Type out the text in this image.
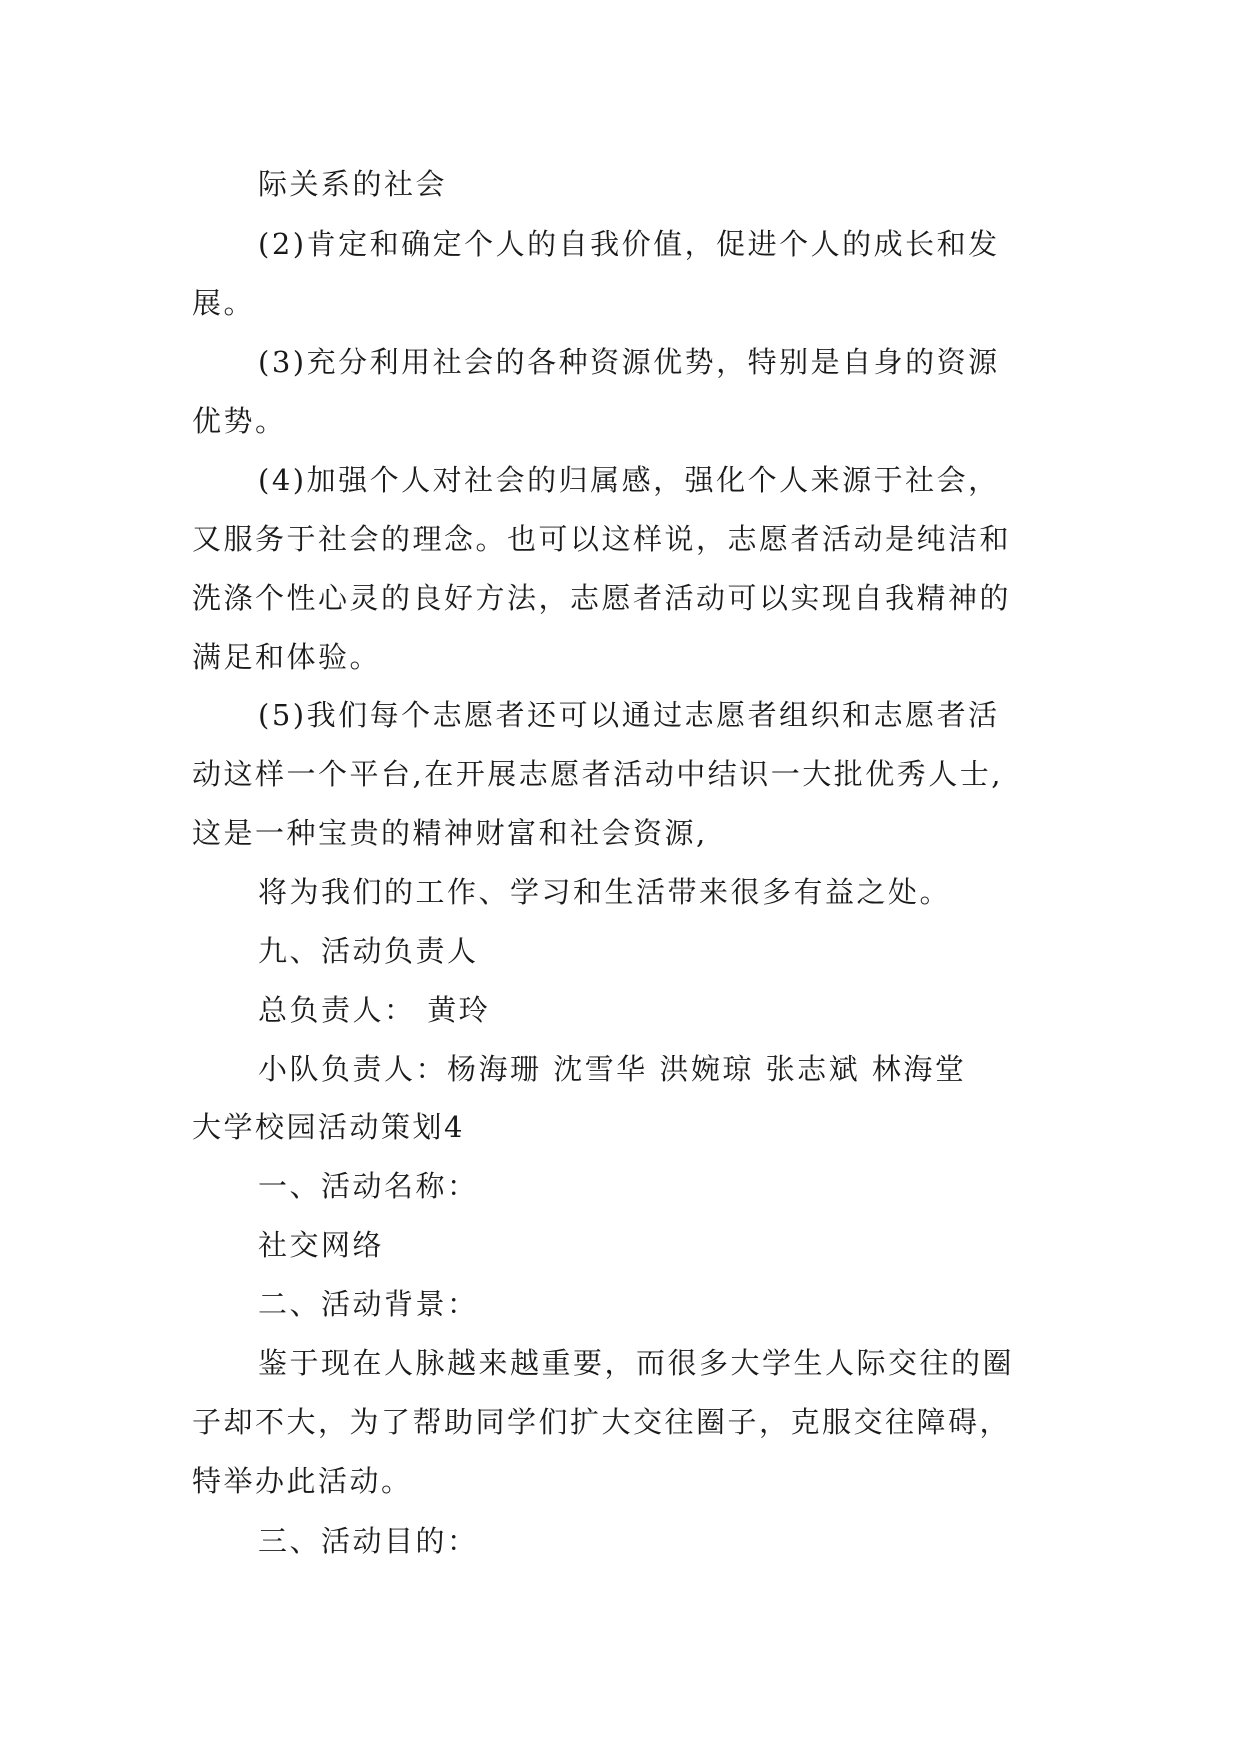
际关系的社会

(2)肯定和确定个人的自我价值，促进个人的成长和发

展。

(3)充分利用社会的各种资源优势，特别是自身的资源

优势。

(4)加强个人对社会的归属感，强化个人来源于社会，

又服务于社会的理念。也可以这样说，志愿者活动是纯洁和

洗涤个性心灵的良好方法，志愿者活动可以实现自我精神的

满足和体验。

(5)我们每个志愿者还可以通过志愿者组织和志愿者活

动这样一个平台,在开展志愿者活动中结识一大批优秀人士,

这是一种宝贵的精神财富和社会资源,

将为我们的工作、学习和生活带来很多有益之处。

九、活动负责人

总负责人： 黄玲

小队负责人：杨海珊 沈雪华 洪婉琼 张志斌 林海堂

大学校园活动策划4

一、活动名称：

社交网络

二、活动背景：

鉴于现在人脉越来越重要，而很多大学生人际交往的圈

子却不大，为了帮助同学们扩大交往圈子，克服交往障碍，

特举办此活动。

三、活动目的：
